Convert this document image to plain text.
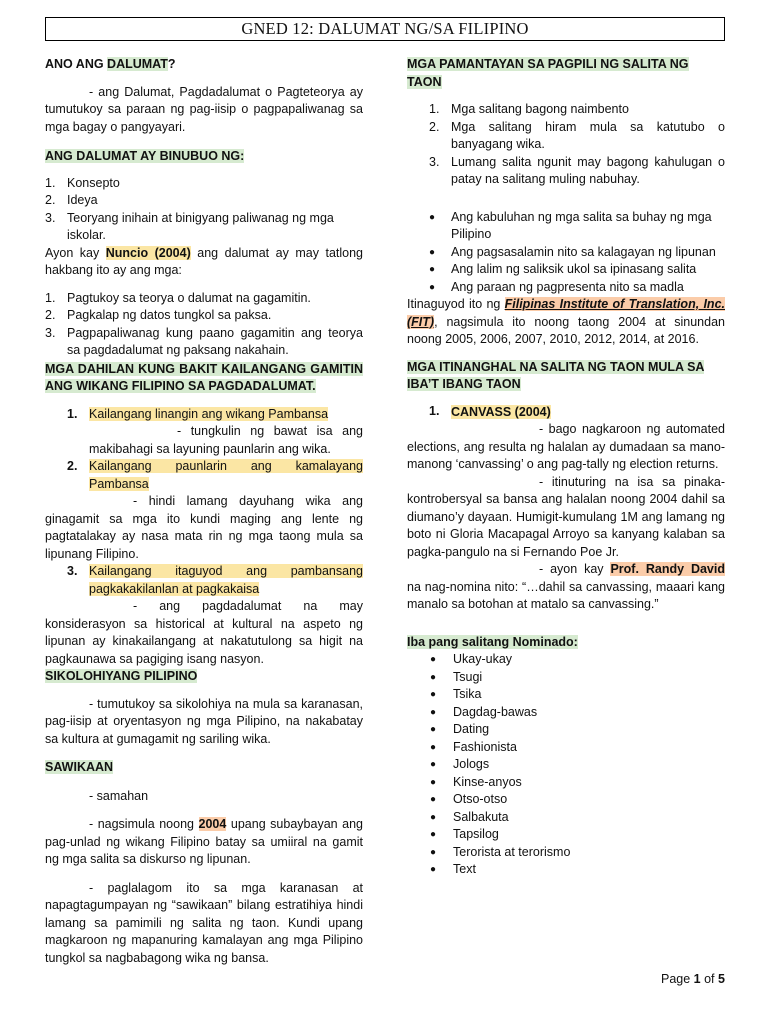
GNED 12: DALUMAT NG/SA FILIPINO

ANO ANG DALUMAT?

- ang Dalumat, Pagdadalumat o Pagteteorya ay tumutukoy sa paraan ng pag-iisip o pagpapaliwanag sa mga bagay o pangyayari.

ANG DALUMAT AY BINUBUO NG:

1. Konsepto
2. Ideya
3. Teoryang inihain at binigyang paliwanag ng mga iskolar.

Ayon kay Nuncio (2004) ang dalumat ay may tatlong hakbang ito ay ang mga:

1. Pagtukoy sa teorya o dalumat na gagamitin.
2. Pagkalap ng datos tungkol sa paksa.
3. Pagpapaliwanag kung paano gagamitin ang teorya sa pagdadalumat ng paksang nakahain.

MGA DAHILAN KUNG BAKIT KAILANGANG GAMITIN ANG WIKANG FILIPINO SA PAGDADALUMAT.

1. Kailangang linangin ang wikang Pambansa

- tungkulin ng bawat isa ang makibahagi sa layuning paunlarin ang wika.

2. Kailangang paunlarin ang kamalayang Pambansa

- hindi lamang dayuhang wika ang ginagamit sa mga ito kundi maging ang lente ng pagtatalakay ay nasa mata rin ng mga taong mula sa lipunang Filipino.

3. Kailangang itaguyod ang pambansang pagkakakilanlan at pagkakaisa

- ang pagdadalumat na may konsiderasyon sa historical at kultural na aspeto ng lipunan ay kinakailangang at nakatutulong sa higit na pagkaunawa sa pagiging isang nasyon.

SIKOLOHIYANG PILIPINO

- tumutukoy sa sikolohiya na mula sa karanasan, pag-iisip at oryentasyon ng mga Pilipino, na nakabatay sa kultura at gumagamit ng sariling wika.

SAWIKAAN

- samahan

- nagsimula noong 2004 upang subaybayan ang pag-unlad ng wikang Filipino batay sa umiiral na gamit ng mga salita sa diskurso ng lipunan.

- paglalagom ito sa mga karanasan at napagtagumpayan ng “sawikaan” bilang estratihiya hindi lamang sa pamimili ng salita ng taon. Kundi upang magkaroon ng mapanuring kamalayan ang mga Pilipino tungkol sa nagbabagong wika ng bansa.

MGA PAMANTAYAN SA PAGPILI NG SALITA NG TAON

1. Mga salitang bagong naimbento
2. Mga salitang hiram mula sa katutubo o banyagang wika.
3. Lumang salita ngunit may bagong kahulugan o patay na salitang muling nabuhay.
● Ang kabuluhan ng mga salita sa buhay ng mga Pilipino
● Ang pagsasalamin nito sa kalagayan ng lipunan
● Ang lalim ng saliksik ukol sa ipinasang salita
● Ang paraan ng pagpresenta nito sa madla

Itinaguyod ito ng Filipinas Institute of Translation, Inc. (FIT), nagsimula ito noong taong 2004 at sinundan noong 2005, 2006, 2007, 2010, 2012, 2014, at 2016.

MGA ITINANGHAL NA SALITA NG TAON MULA SA IBA’T IBANG TAON

1. CANVASS (2004)

- bago nagkaroon ng automated elections, ang resulta ng halalan ay dumadaan sa mano-manong ‘canvassing’ o ang pag-tally ng election returns.

- itinuturing na isa sa pinaka-kontrobersyal sa bansa ang halalan noong 2004 dahil sa diumano’y dayaan. Humigit-kumulang 1M ang lamang ng boto ni Gloria Macapagal Arroyo sa kanyang kalaban sa pagka-pangulo na si Fernando Poe Jr.

- ayon kay Prof. Randy David na nag-nomina nito: “…dahil sa canvassing, maaari kang manalo sa botohan at matalo sa canvassing.”

Iba pang salitang Nominado:

● Ukay-ukay
● Tsugi
● Tsika
● Dagdag-bawas
● Dating
● Fashionista
● Jologs
● Kinse-anyos
● Otso-otso
● Salbakuta
● Tapsilog
● Terorista at terorismo
● Text
Page 1 of 5
